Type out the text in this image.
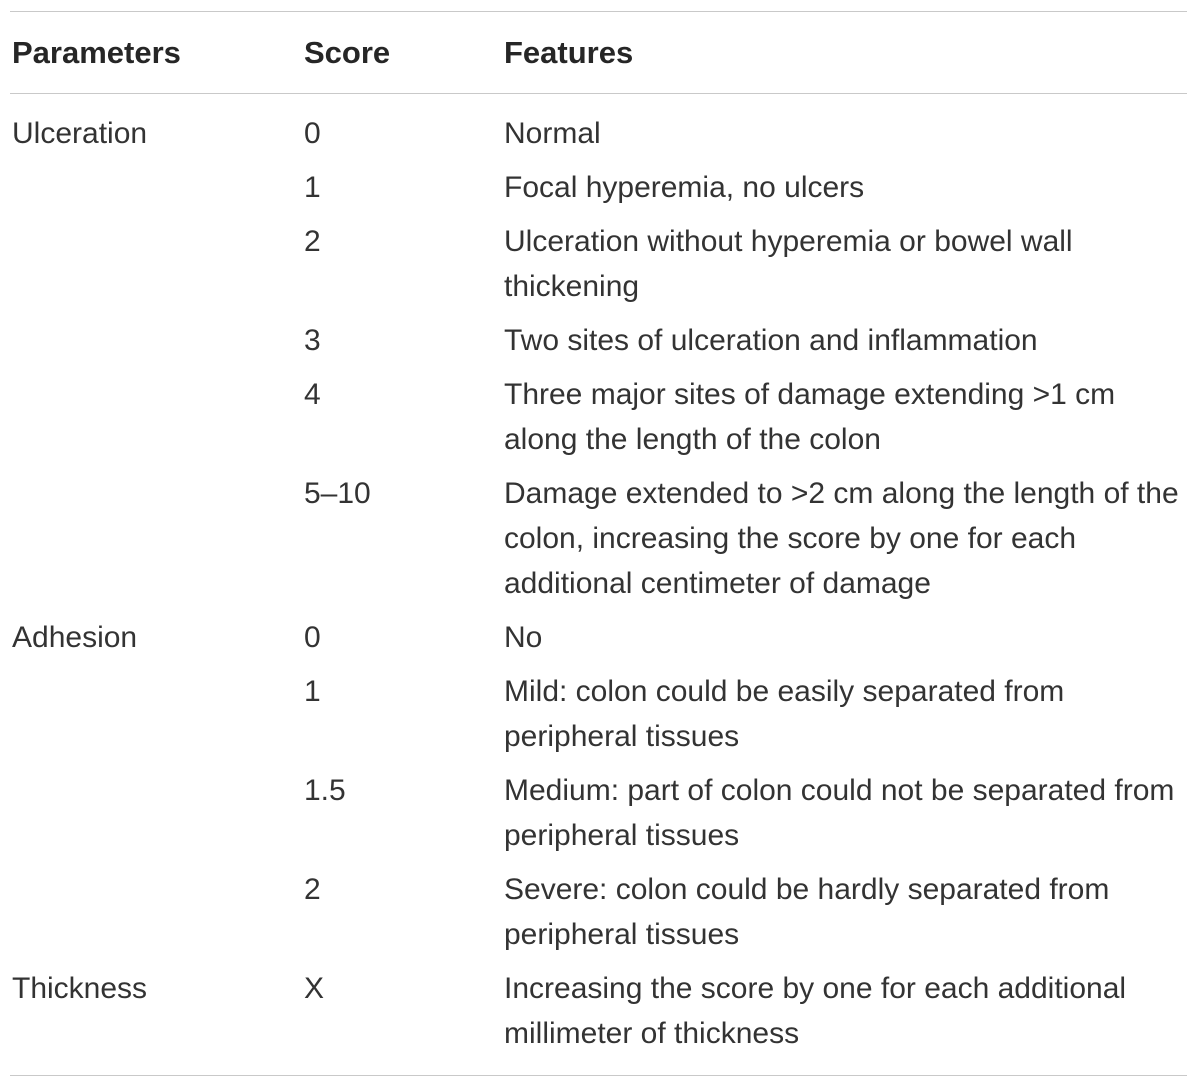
Parameters	Score	Features
Ulceration	0	Normal
	1	Focal hyperemia, no ulcers
	2	Ulceration without hyperemia or bowel wall thickening
	3	Two sites of ulceration and inflammation
	4	Three major sites of damage extending >1 cm along the length of the colon
	5–10	Damage extended to >2 cm along the length of the colon, increasing the score by one for each additional centimeter of damage
Adhesion	0	No
	1	Mild: colon could be easily separated from peripheral tissues
	1.5	Medium: part of colon could not be separated from peripheral tissues
	2	Severe: colon could be hardly separated from peripheral tissues
Thickness	X	Increasing the score by one for each additional millimeter of thickness
